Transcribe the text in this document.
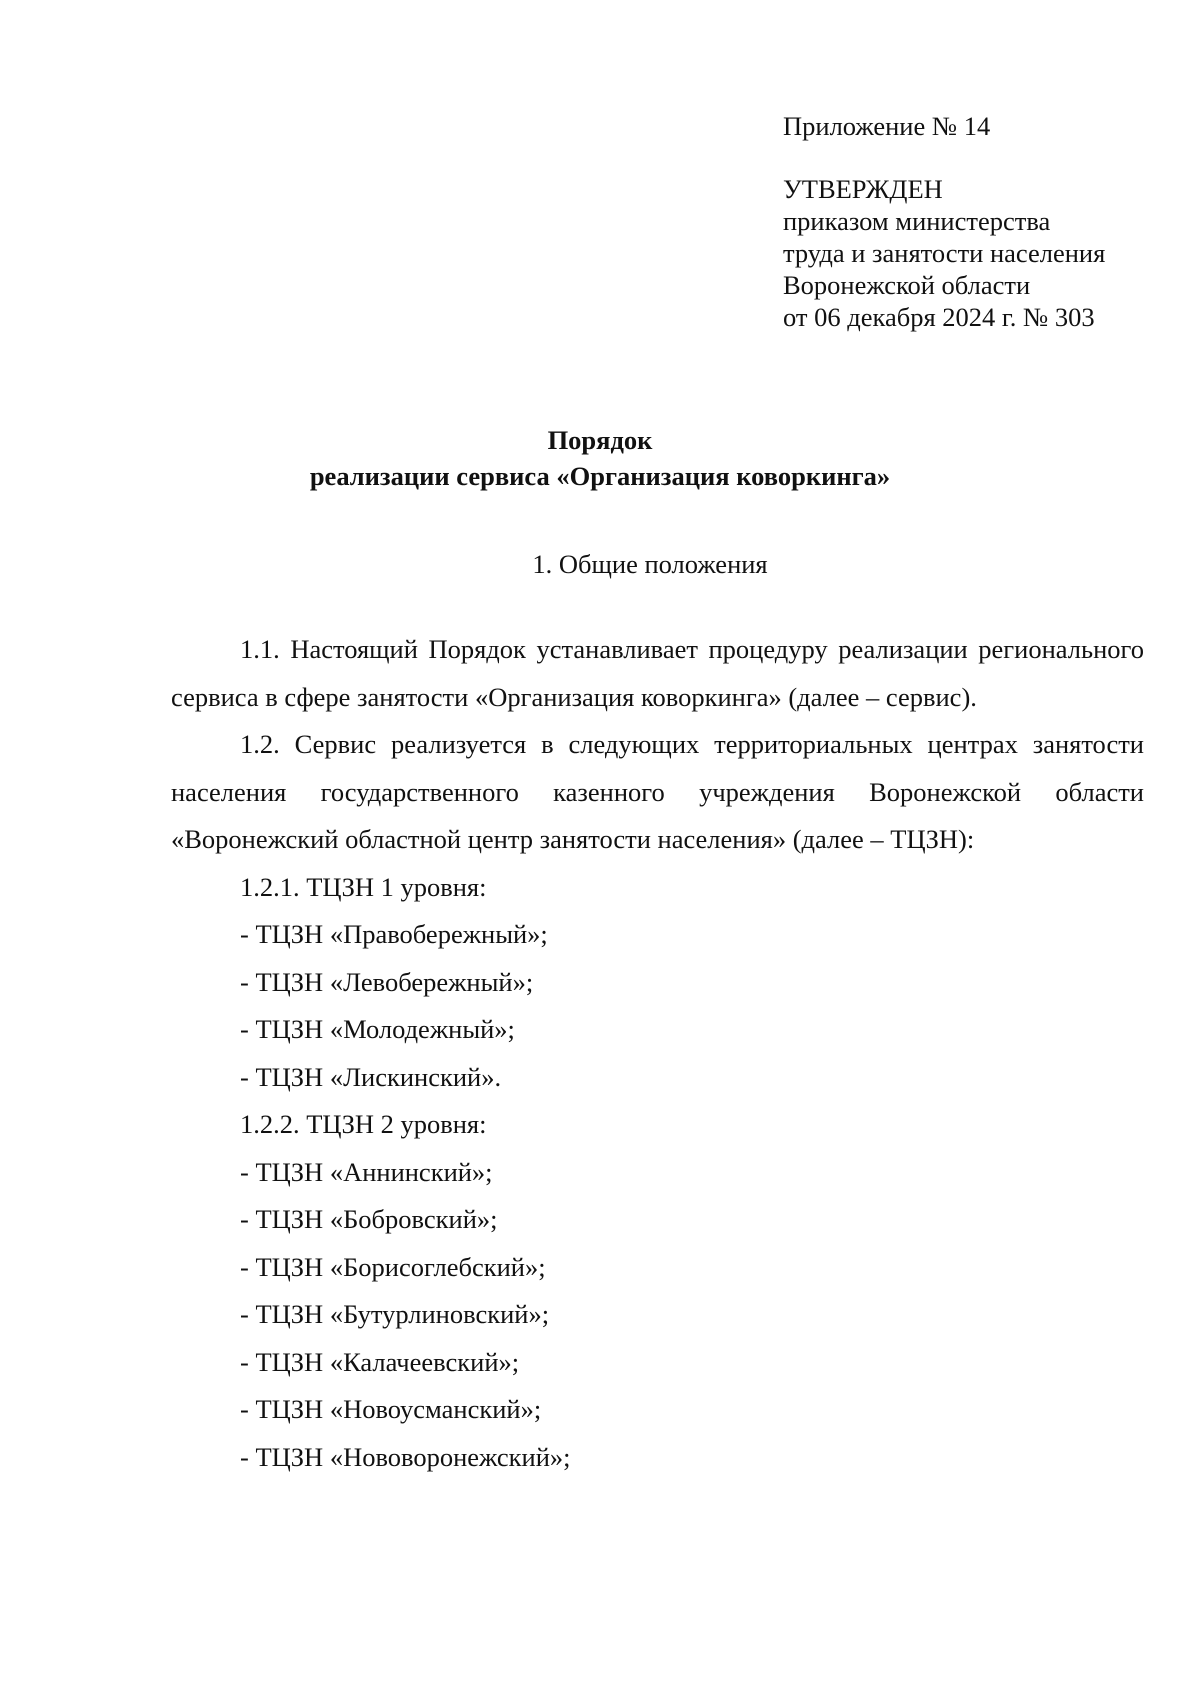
Приложение № 14

УТВЕРЖДЕН

приказом министерства

труда и занятости населения

Воронежской области

от 06 декабря 2024 г. № 303

Порядок

реализации сервиса «Организация коворкинга»

1. Общие положения

1.1. Настоящий Порядок устанавливает процедуру реализации регионального сервиса в сфере занятости «Организация коворкинга» (далее – сервис).

1.2. Сервис реализуется в следующих территориальных центрах занятости населения государственного казенного учреждения Воронежской области «Воронежский областной центр занятости населения» (далее – ТЦЗН):

1.2.1. ТЦЗН 1 уровня:

- ТЦЗН «Правобережный»;

- ТЦЗН «Левобережный»;

- ТЦЗН «Молодежный»;

- ТЦЗН «Лискинский».

1.2.2. ТЦЗН 2 уровня:

- ТЦЗН «Аннинский»;

- ТЦЗН «Бобровский»;

- ТЦЗН «Борисоглебский»;

- ТЦЗН «Бутурлиновский»;

- ТЦЗН «Калачеевский»;

- ТЦЗН «Новоусманский»;

- ТЦЗН «Нововоронежский»;
